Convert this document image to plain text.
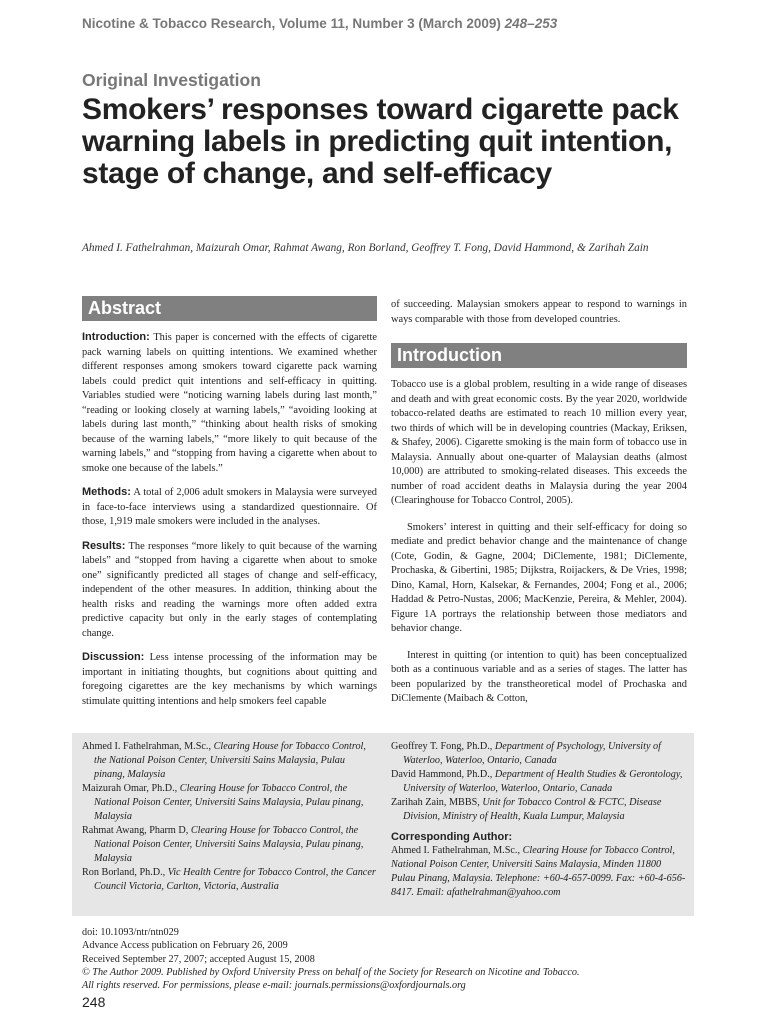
Nicotine & Tobacco Research, Volume 11, Number 3 (March 2009) 248–253
Original Investigation
Smokers’ responses toward cigarette pack warning labels in predicting quit intention, stage of change, and self-efficacy
Ahmed I. Fathelrahman, Maizurah Omar, Rahmat Awang, Ron Borland, Geoffrey T. Fong, David Hammond, & Zarihah Zain
Abstract

Introduction: This paper is concerned with the effects of cigarette pack warning labels on quitting intentions. We examined whether different responses among smokers toward cigarette pack warning labels could predict quit intentions and self-efficacy in quitting. Variables studied were “noticing warning labels during last month,” “reading or looking closely at warning labels,” “avoiding looking at labels during last month,” “thinking about health risks of smoking because of the warning labels,” “more likely to quit because of the warning labels,” and “stopping from having a cigarette when about to smoke one because of the labels.”

Methods: A total of 2,006 adult smokers in Malaysia were surveyed in face-to-face interviews using a standardized questionnaire. Of those, 1,919 male smokers were included in the analyses.

Results: The responses “more likely to quit because of the warning labels” and “stopped from having a cigarette when about to smoke one” significantly predicted all stages of change and self-efficacy, independent of the other measures. In addition, thinking about the health risks and reading the warnings more often added extra predictive capacity but only in the early stages of contemplating change.

Discussion: Less intense processing of the information may be important in initiating thoughts, but cognitions about quitting and foregoing cigarettes are the key mechanisms by which warnings stimulate quitting intentions and help smokers feel capable

of succeeding. Malaysian smokers appear to respond to warnings in ways comparable with those from developed countries.

Introduction

Tobacco use is a global problem, resulting in a wide range of diseases and death and with great economic costs. By the year 2020, worldwide tobacco-related deaths are estimated to reach 10 million every year, two thirds of which will be in developing countries (Mackay, Eriksen, & Shafey, 2006). Cigarette smoking is the main form of tobacco use in Malaysia. Annually about one-quarter of Malaysian deaths (almost 10,000) are attributed to smoking-related diseases. This exceeds the number of road accident deaths in Malaysia during the year 2004 (Clearinghouse for Tobacco Control, 2005).

Smokers’ interest in quitting and their self-efficacy for doing so mediate and predict behavior change and the maintenance of change (Cote, Godin, & Gagne, 2004; DiClemente, 1981; DiClemente, Prochaska, & Gibertini, 1985; Dijkstra, Roijackers, & De Vries, 1998; Dino, Kamal, Horn, Kalsekar, & Fernandes, 2004; Fong et al., 2006; Haddad & Petro-Nustas, 2006; MacKenzie, Pereira, & Mehler, 2004). Figure 1A portrays the relationship between those mediators and behavior change.

Interest in quitting (or intention to quit) has been conceptualized both as a continuous variable and as a series of stages. The latter has been popularized by the transtheoretical model of Prochaska and DiClemente (Maibach & Cotton,

Ahmed I. Fathelrahman, M.Sc., Clearing House for Tobacco Control, the National Poison Center, Universiti Sains Malaysia, Pulau pinang, Malaysia
Maizurah Omar, Ph.D., Clearing House for Tobacco Control, the National Poison Center, Universiti Sains Malaysia, Pulau pinang, Malaysia
Rahmat Awang, Pharm D, Clearing House for Tobacco Control, the National Poison Center, Universiti Sains Malaysia, Pulau pinang, Malaysia
Ron Borland, Ph.D., Vic Health Centre for Tobacco Control, the Cancer Council Victoria, Carlton, Victoria, Australia
Geoffrey T. Fong, Ph.D., Department of Psychology, University of Waterloo, Waterloo, Ontario, Canada
David Hammond, Ph.D., Department of Health Studies & Gerontology, University of Waterloo, Waterloo, Ontario, Canada
Zarihah Zain, MBBS, Unit for Tobacco Control & FCTC, Disease Division, Ministry of Health, Kuala Lumpur, Malaysia
Corresponding Author:
Ahmed I. Fathelrahman, M.Sc., Clearing House for Tobacco Control, National Poison Center, Universiti Sains Malaysia, Minden 11800 Pulau Pinang, Malaysia. Telephone: +60-4-657-0099. Fax: +60-4-656-8417. Email: afathelrahman@yahoo.com
doi: 10.1093/ntr/ntn029
Advance Access publication on February 26, 2009
Received September 27, 2007; accepted August 15, 2008
© The Author 2009. Published by Oxford University Press on behalf of the Society for Research on Nicotine and Tobacco.
All rights reserved. For permissions, please e-mail: journals.permissions@oxfordjournals.org
248
